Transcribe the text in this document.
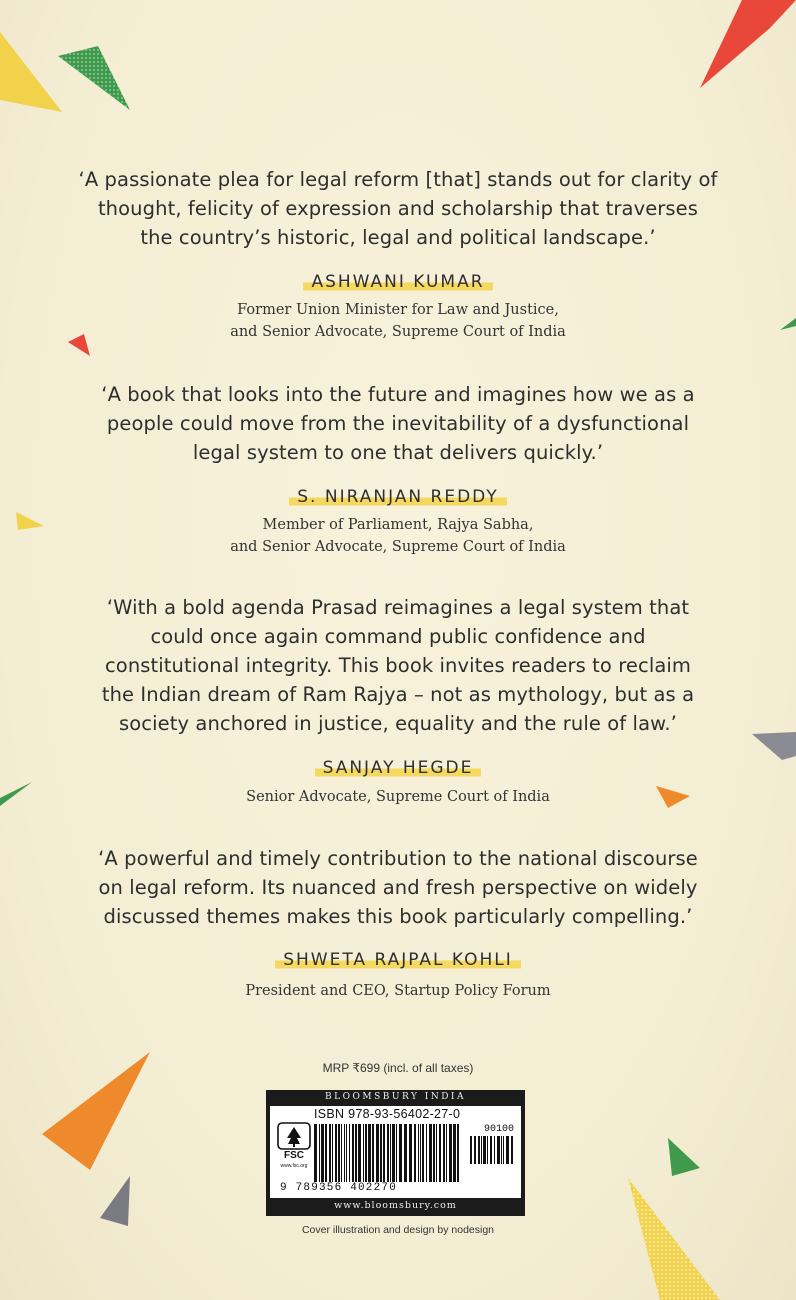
‘A passionate plea for legal reform [that] stands out for clarity of
thought, felicity of expression and scholarship that traverses
the country’s historic, legal and political landscape.’
ASHWANI KUMAR
Former Union Minister for Law and Justice,
and Senior Advocate, Supreme Court of India
‘A book that looks into the future and imagines how we as a
people could move from the inevitability of a dysfunctional
legal system to one that delivers quickly.’
S. NIRANJAN REDDY
Member of Parliament, Rajya Sabha,
and Senior Advocate, Supreme Court of India
‘With a bold agenda Prasad reimagines a legal system that
could once again command public confidence and
constitutional integrity. This book invites readers to reclaim
the Indian dream of Ram Rajya – not as mythology, but as a
society anchored in justice, equality and the rule of law.’
SANJAY HEGDE
Senior Advocate, Supreme Court of India
‘A powerful and timely contribution to the national discourse
on legal reform. Its nuanced and fresh perspective on widely
discussed themes makes this book particularly compelling.’
SHWETA RAJPAL KOHLI
President and CEO, Startup Policy Forum
MRP ₹699 (incl. of all taxes)
BLOOMSBURY INDIA
FSC
www.fsc.org
ISBN 978-93-56402-27-0
90100
9 789356 402270
www.bloomsbury.com
Cover illustration and design by nodesign
